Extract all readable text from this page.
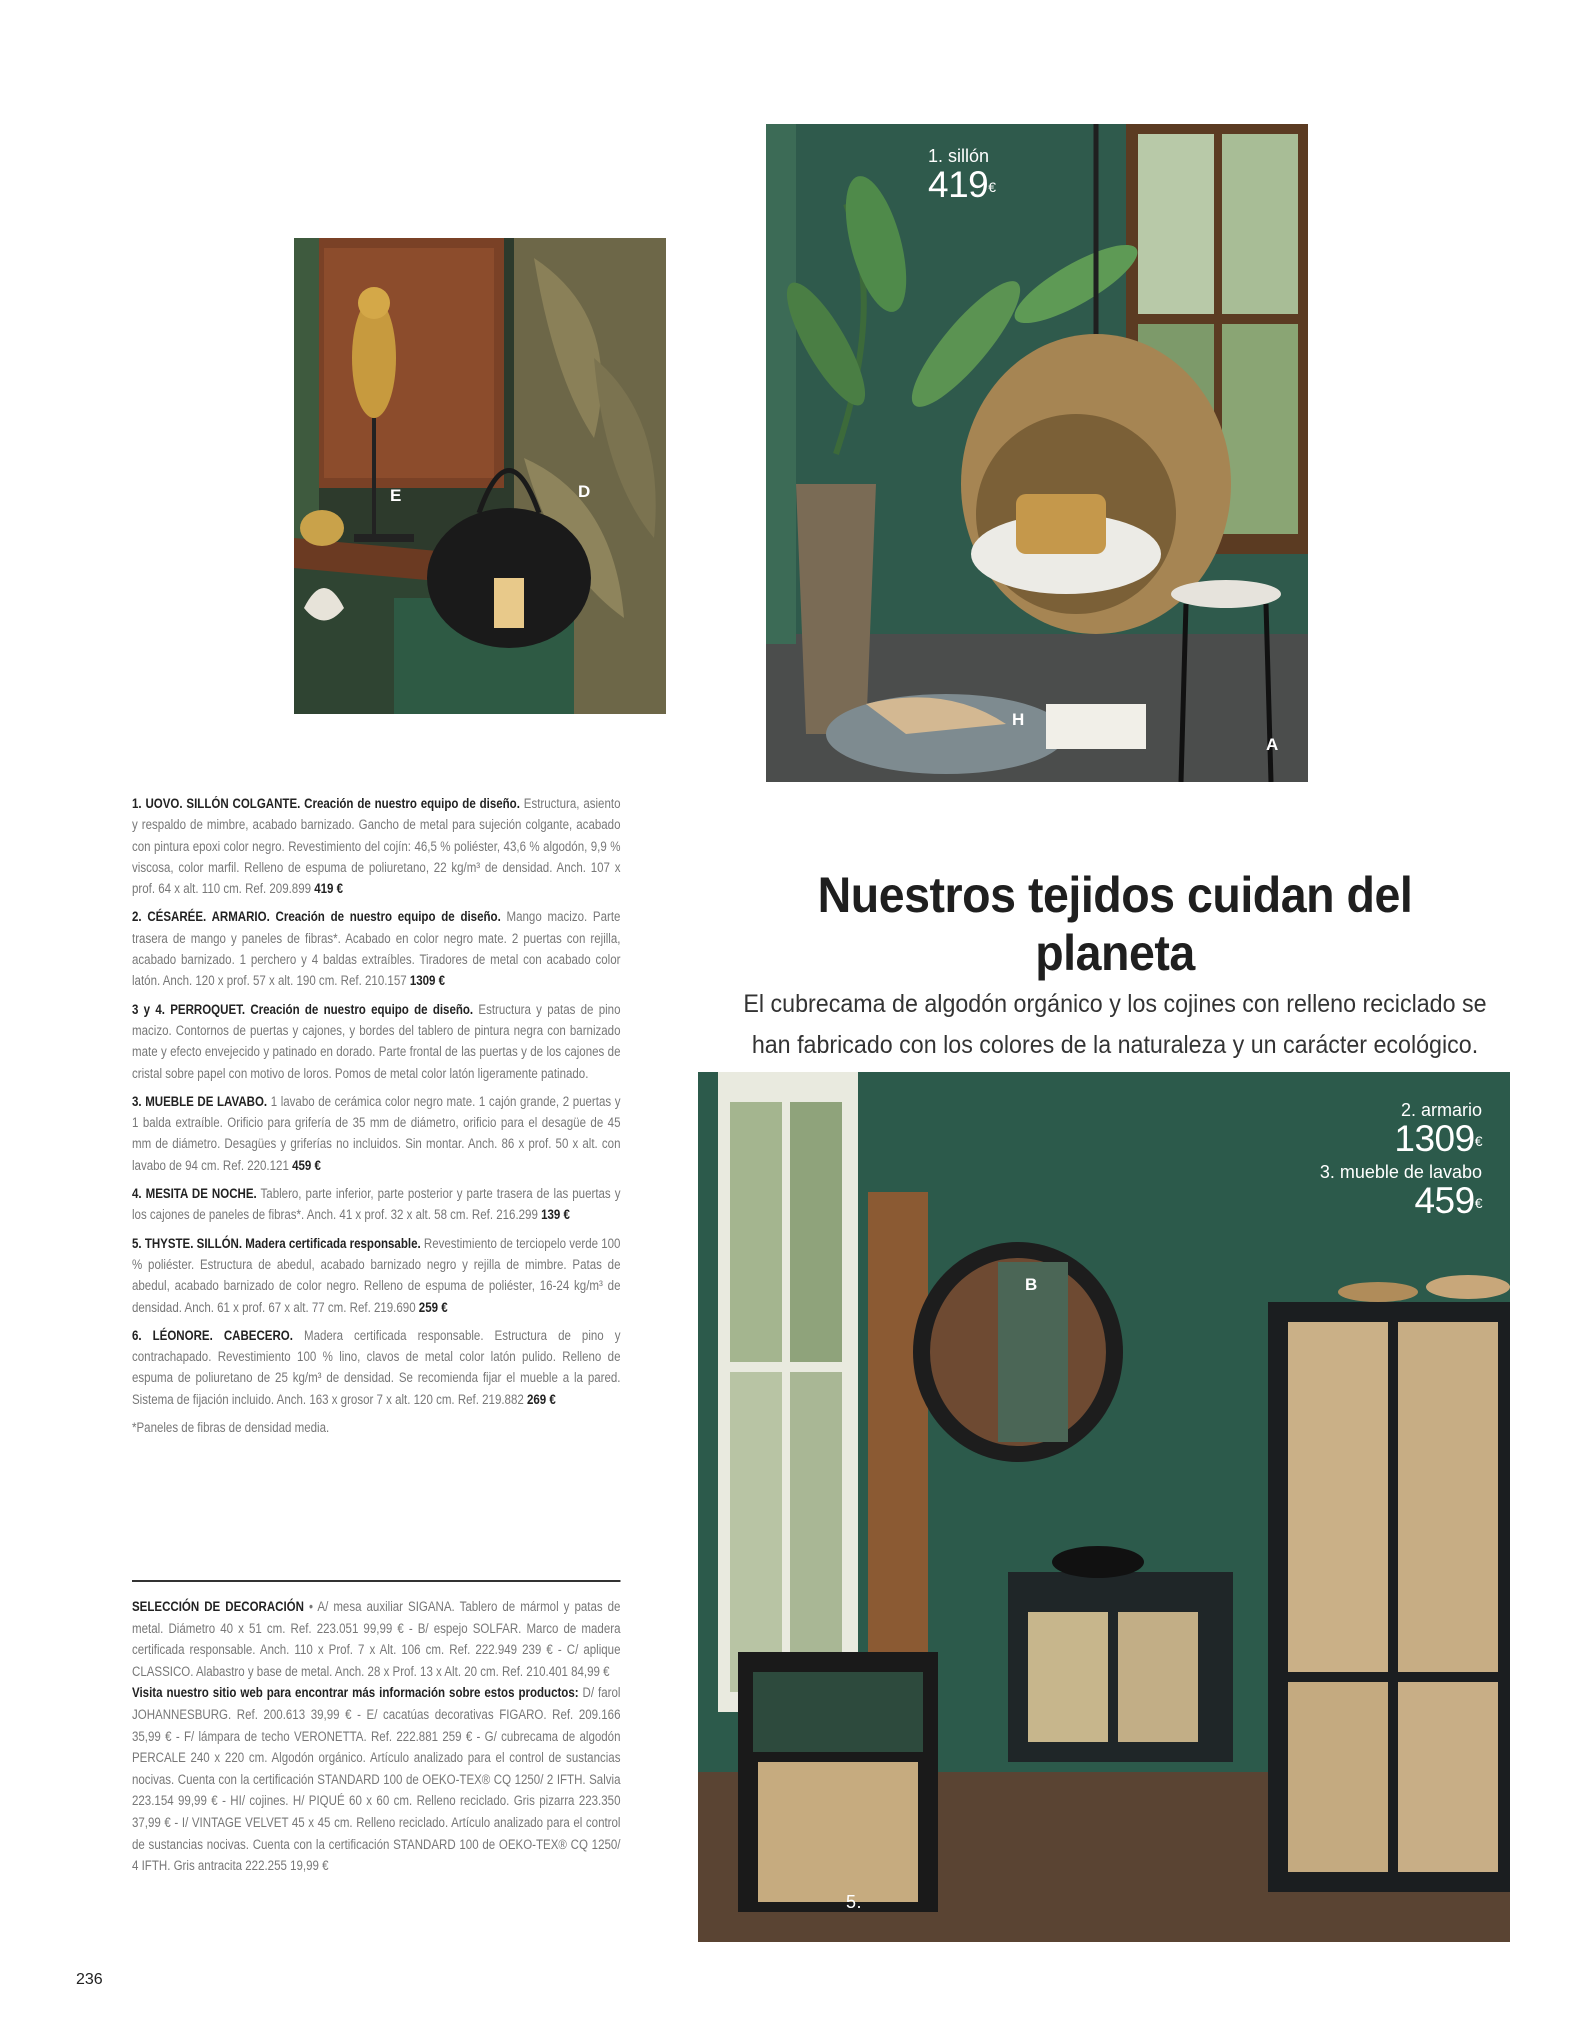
E	D
1. sillón
419€
H
A
Nuestros tejidos cuidan del planeta
El cubrecama de algodón orgánico y los cojines con relleno reciclado se
han fabricado con los colores de la naturaleza y un carácter ecológico.
2. armario
1309€
3. mueble de lavabo
459€
B
5.

1. UOVO. SILLÓN COLGANTE. Creación de nuestro equipo de diseño. Estructura, asiento y respaldo de mimbre, acabado barnizado. Gancho de metal para sujeción colgante, acabado con pintura epoxi color negro. Revestimiento del cojín: 46,5 % poliéster, 43,6 % algodón, 9,9 % viscosa, color marfil. Relleno de espuma de poliuretano, 22 kg/m³ de densidad. Anch. 107 x prof. 64 x alt. 110 cm. Ref. 209.899 419 €

2. CÉSARÉE. ARMARIO. Creación de nuestro equipo de diseño. Mango macizo. Parte trasera de mango y paneles de fibras*. Acabado en color negro mate. 2 puertas con rejilla, acabado barnizado. 1 perchero y 4 baldas extraíbles. Tiradores de metal con acabado color latón. Anch. 120 x prof. 57 x alt. 190 cm. Ref. 210.157 1309 €

3 y 4. PERROQUET. Creación de nuestro equipo de diseño. Estructura y patas de pino macizo. Contornos de puertas y cajones, y bordes del tablero de pintura negra con barnizado mate y efecto envejecido y patinado en dorado. Parte frontal de las puertas y de los cajones de cristal sobre papel con motivo de loros. Pomos de metal color latón ligeramente patinado.

3. MUEBLE DE LAVABO. 1 lavabo de cerámica color negro mate. 1 cajón grande, 2 puertas y 1 balda extraíble. Orificio para grifería de 35 mm de diámetro, orificio para el desagüe de 45 mm de diámetro. Desagües y griferías no incluidos. Sin montar. Anch. 86 x prof. 50 x alt. con lavabo de 94 cm. Ref. 220.121 459 €

4. MESITA DE NOCHE. Tablero, parte inferior, parte posterior y parte trasera de las puertas y los cajones de paneles de fibras*. Anch. 41 x prof. 32 x alt. 58 cm. Ref. 216.299 139 €

5. THYSTE. SILLÓN. Madera certificada responsable. Revestimiento de terciopelo verde 100 % poliéster. Estructura de abedul, acabado barnizado negro y rejilla de mimbre. Patas de abedul, acabado barnizado de color negro. Relleno de espuma de poliéster, 16-24 kg/m³ de densidad. Anch. 61 x prof. 67 x alt. 77 cm. Ref. 219.690 259 €

6. LÉONORE. CABECERO. Madera certificada responsable. Estructura de pino y contrachapado. Revestimiento 100 % lino, clavos de metal color latón pulido. Relleno de espuma de poliuretano de 25 kg/m³ de densidad. Se recomienda fijar el mueble a la pared. Sistema de fijación incluido. Anch. 163 x grosor 7 x alt. 120 cm. Ref. 219.882 269 €

*Paneles de fibras de densidad media.

SELECCIÓN DE DECORACIÓN • A/ mesa auxiliar SIGANA. Tablero de mármol y patas de metal. Diámetro 40 x 51 cm. Ref. 223.051 99,99 € - B/ espejo SOLFAR. Marco de madera certificada responsable. Anch. 110 x Prof. 7 x Alt. 106 cm. Ref. 222.949 239 € - C/ aplique CLASSICO. Alabastro y base de metal. Anch. 28 x Prof. 13 x Alt. 20 cm. Ref. 210.401 84,99 €
Visita nuestro sitio web para encontrar más información sobre estos productos: D/ farol JOHANNESBURG. Ref. 200.613 39,99 € - E/ cacatúas decorativas FIGARO. Ref. 209.166 35,99 € - F/ lámpara de techo VERONETTA. Ref. 222.881 259 € - G/ cubrecama de algodón PERCALE 240 x 220 cm. Algodón orgánico. Artículo analizado para el control de sustancias nocivas. Cuenta con la certificación STANDARD 100 de OEKO-TEX® CQ 1250/ 2 IFTH. Salvia 223.154 99,99 € - HI/ cojines. H/ PIQUÉ 60 x 60 cm. Relleno reciclado. Gris pizarra 223.350 37,99 € - I/ VINTAGE VELVET 45 x 45 cm. Relleno reciclado. Artículo analizado para el control de sustancias nocivas. Cuenta con la certificación STANDARD 100 de OEKO-TEX® CQ 1250/ 4 IFTH. Gris antracita 222.255 19,99 €
236
